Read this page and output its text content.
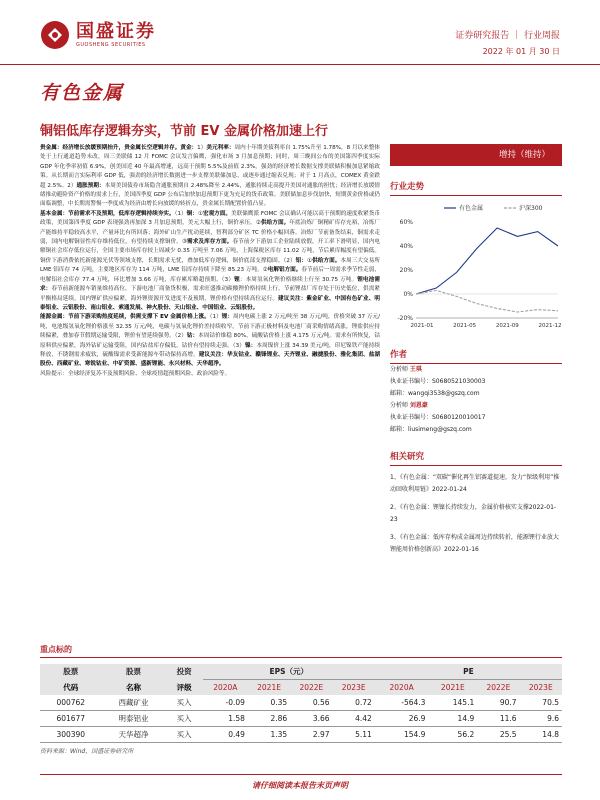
国盛证券
GUOSHENG SECURITIES
证券研究报告 ｜ 行业周报
2022 年 01 月 30 日
有色金属
铜铝低库存逻辑夯实，节前 EV 金属价格加速上行

贵金属：经济增长放缓预期抬升，贵金属长空逻辑并存。黄金：1）美元利率：周内十年期美债利率自 1.75%升至 1.78%，8 月以来整体处于上行通道趋势未改，周三美联储 12 月 FOMC 会议发言偏鹰，强化市场 3 月加息预期；同时，周三晚间公布的美国第四季度实际 GDP 年化季率初值 6.9%，创美国近 40 年最高增速，远高于预期 5.5%及前值 2.3%，强劲的经济增长数据支撑美联储积极加息紧缩政策。从长期而言实际利率 GDP 低，强劲的经济增长数据进一步支撑美联储加息，或逐步通过缩表兑现；对于 1 月高点，COMEX 黄金跌超 2.5%。2）通胀预期：本周美国债券市场隐含通胀预期自 2.48%降至 2.44%，通胀持续走高提升美国对通胀的担忧；经济增长放缓情绪推动避险资产价格的需求上行，美国四季度 GDP 公布后加快加息预期下更为充足的货币政策。美联储加息步伐加快，短期黄金价格或仍面临调整，中长期需警惕一季度成为经济由增长向放缓的转折点，贵金属长期配置价值凸显。

基本金属：节前需求不及预期，低库存逻辑持续夯实。（1）铜：①宏观方面。美联储鹰派 FOMC 会议确认可能以高于预期的速度收紧货币政策，美国第四季度 GDP 表现强劲再加深 3 月加息预期，美元大幅上行，铜价承压。②供给方面。年底冶炼厂铜精矿库存充裕，冶炼厂产能维持平稳较高水平，产量环比有所回落；海外矿山生产扰动延续，智利部分矿区 TC 价格小幅回落。冶炼厂节前备货结束，铜需求走弱，国内电解铜显性库存维持低位，有望持续支撑铜价。③需求及库存方面。春节前夕下游加工企业陆续放假，开工率下滑明显，国内电解铜社会库存低位运行，全国主要市场库存较上周减少 0.35 万吨至 7.06 万吨，上海保税区库存 11.02 万吨，节后累库幅度有望偏低。铜价下游消费依托新能源光伏等领域支撑，长期需求无忧，叠加低库存逻辑，铜价底部支撑稳固。（2）铝：①供给方面。本周三大交易所 LME 铝库存 74 万吨，主要地区库存为 114 万吨，LME 铝库存持续下降至 85.23 万吨。②电解铝方面。春节前后一周需求季节性走弱，电解铝社会库存 77.4 万吨，环比增加 3.66 万吨，库存累库略超预期。（3）锂：本周氢氧化锂价格继续上行至 30.75 万吨。锂电池需求：春节前新能源车销量维持高位，下游电池厂商备货积极，需求旺盛推动碳酸锂价格持续上行。节前锂盐厂库存处于历史低位，供需紧平衡格局延续。国内锂矿供应偏紧，海外锂资源开发进度不及预期，锂价格有望持续高位运行。建议关注：紫金矿业、中国有色矿业、明泰铝业、云铝股份、南山铝业、索通发展、神火股份、天山铝业、中国铝业、云铝股份。

能源金属：节前下游采购热度延续，供需支撑下 EV 金属价格上涨。（1）锂：周内电碳上涨 2 万元/吨至 38 万元/吨，价格突破 37 万元/吨，电池级氢氧化锂价格涨至 32.35 万元/吨，电碳与氢氧化锂价差持续收窄。节前下游正极材料及电池厂商采购情绪高涨，锂盐供应持续偏紧，叠加春节假期运输受限，锂价有望延续强势。（2）钴：本周钴价维稳 80%，硫酸钴价格上涨 4.175 万元/吨。需求有所恢复，钴原料供应偏紧，海外钴矿运输受阻，国内钴盐库存偏低，钴价有望持续走强。（3）镍：本周镍价上涨 34.39 美元/吨，印尼镍铁产能持续释放，不锈钢需求疲软，硫酸镍需求受新能源车带动保持高增。建议关注：华友钴业、赣锋锂业、天齐锂业、融捷股份、雅化集团、盐湖股份、西藏矿业、寒锐钴业、中矿资源、盛新锂能、永兴材料、天华超净。

风险提示：全球经济复苏不及预期风险、全球疫情超预期风险、政治风险等。

增持（维持）
行业走势
60%
40%
20%
0%
-20%
2021-01	2021-05	2021-09	2021-12
有色金属	沪深300
作者
分析师 王琪
执业证书编号：S0680521030003
邮箱：wangqi3538@gszq.com
分析师 刘恩豪
执业证书编号：S0680120010017
邮箱：liusimeng@gszq.com
相关研究
1、《有色金属：“双碳”催化再生铝赛道提速，发力“保级利用”推动回收利用链》2022-01-24
2、《有色金属：锂镍长持续发力，金属价格核实支撑2022-01-23
3、《有色金属：低库存构成金属周边持续转折，能源锂行业放大锂能周价格创新高》2022-01-16
重点标的
股票	股票	投资	EPS（元）				PE			
代码	名称	评级	2020A	2021E	2022E	2023E	2020A	2021E	2022E	2023E
000762	西藏矿业	买入	-0.09	0.35	0.56	0.72	-564.3	145.1	90.7	70.5
601677	明泰铝业	买入	1.58	2.86	3.66	4.42	26.9	14.9	11.6	9.6
300390	天华超净	买入	0.49	1.35	2.97	5.11	154.9	56.2	25.5	14.8
资料来源：Wind，国盛证券研究所
请仔细阅读本报告末页声明
